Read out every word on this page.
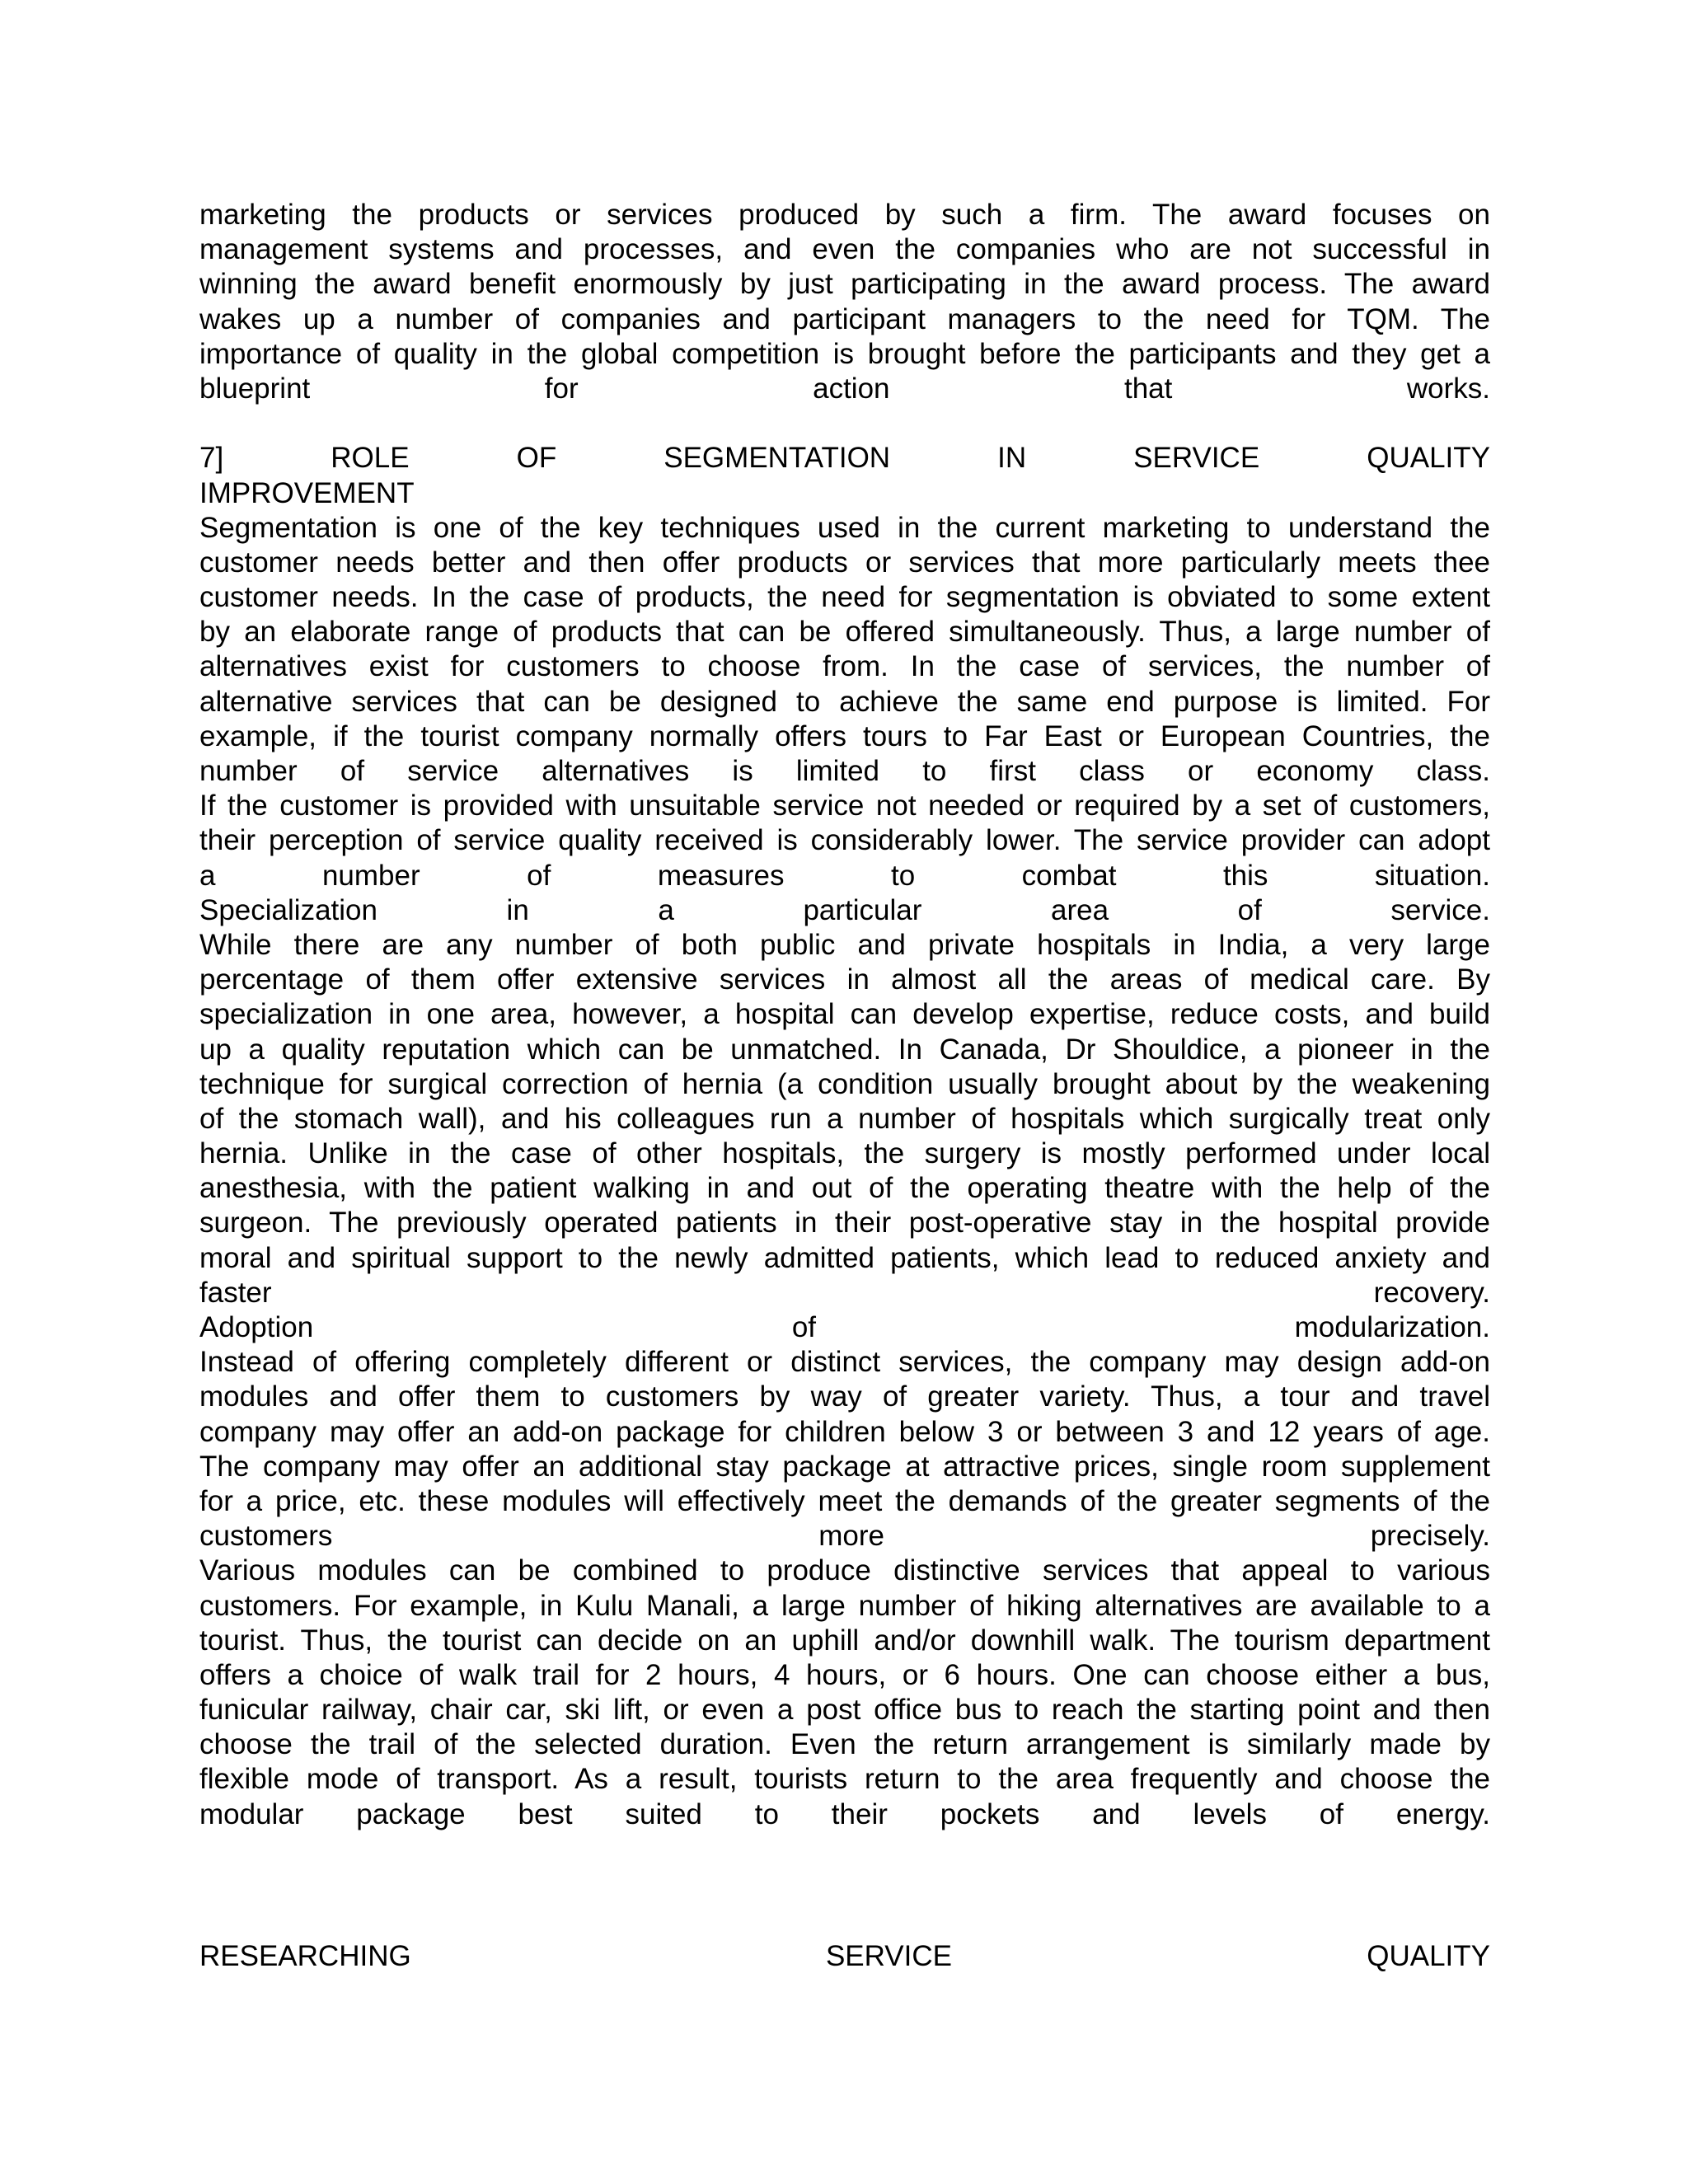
marketing the products or services produced by such a firm. The award focuses on
management systems and processes, and even the companies who are not successful in
winning the award benefit enormously by just participating in the award process. The award
wakes up a number of companies and participant managers to the need for TQM. The
importance of quality in the global competition is brought before the participants and they get a
blueprint for action that works.
7] ROLE OF SEGMENTATION IN SERVICE QUALITY
IMPROVEMENT
Segmentation is one of the key techniques used in the current marketing to understand the
customer needs better and then offer products or services that more particularly meets thee
customer needs. In the case of products, the need for segmentation is obviated to some extent
by an elaborate range of products that can be offered simultaneously. Thus, a large number of
alternatives exist for customers to choose from. In the case of services, the number of
alternative services that can be designed to achieve the same end purpose is limited. For
example, if the tourist company normally offers tours to Far East or European Countries, the
number of service alternatives is limited to first class or economy class.
If the customer is provided with unsuitable service not needed or required by a set of customers,
their perception of service quality received is considerably lower. The service provider can adopt
a number of measures to combat this situation.
Specialization in a particular area of service.
While there are any number of both public and private hospitals in India, a very large
percentage of them offer extensive services in almost all the areas of medical care. By
specialization in one area, however, a hospital can develop expertise, reduce costs, and build
up a quality reputation which can be unmatched. In Canada, Dr Shouldice, a pioneer in the
technique for surgical correction of hernia (a condition usually brought about by the weakening
of the stomach wall), and his colleagues run a number of hospitals which surgically treat only
hernia. Unlike in the case of other hospitals, the surgery is mostly performed under local
anesthesia, with the patient walking in and out of the operating theatre with the help of the
surgeon. The previously operated patients in their post-operative stay in the hospital provide
moral and spiritual support to the newly admitted patients, which lead to reduced anxiety and
faster recovery.
Adoption of modularization.
Instead of offering completely different or distinct services, the company may design add-on
modules and offer them to customers by way of greater variety. Thus, a tour and travel
company may offer an add-on package for children below 3 or between 3 and 12 years of age.
The company may offer an additional stay package at attractive prices, single room supplement
for a price, etc. these modules will effectively meet the demands of the greater segments of the
customers more precisely.
Various modules can be combined to produce distinctive services that appeal to various
customers. For example, in Kulu Manali, a large number of hiking alternatives are available to a
tourist. Thus, the tourist can decide on an uphill and/or downhill walk. The tourism department
offers a choice of walk trail for 2 hours, 4 hours, or 6 hours. One can choose either a bus,
funicular railway, chair car, ski lift, or even a post office bus to reach the starting point and then
choose the trail of the selected duration. Even the return arrangement is similarly made by
flexible mode of transport. As a result, tourists return to the area frequently and choose the
modular package best suited to their pockets and levels of energy.
RESEARCHING SERVICE QUALITY
